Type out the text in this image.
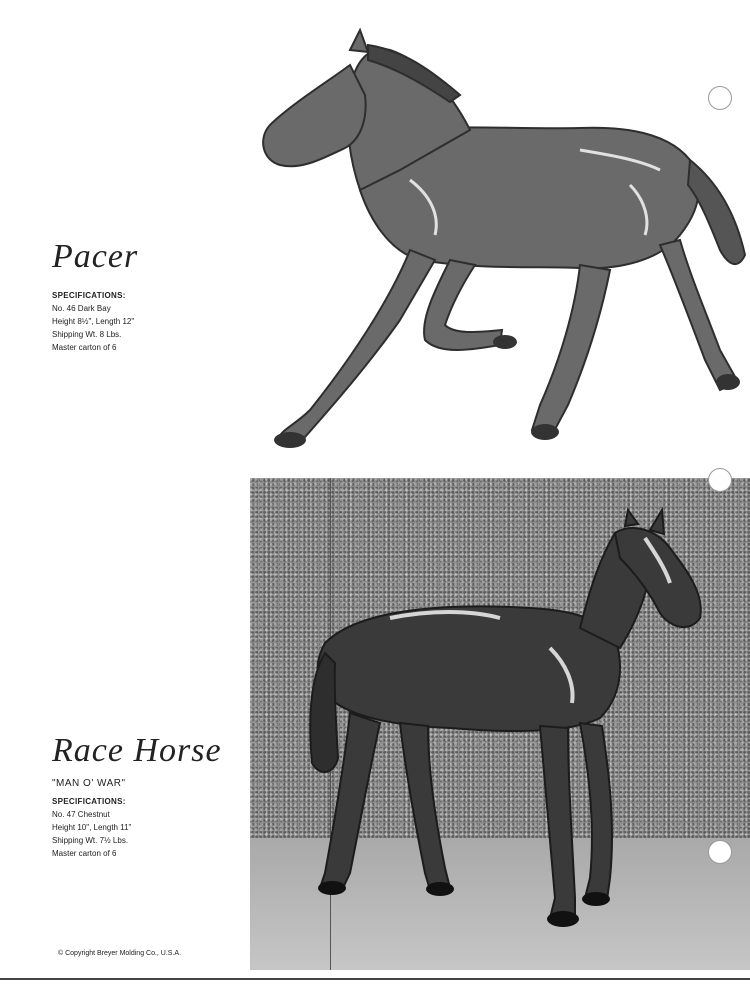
Pacer
SPECIFICATIONS:
No. 46 Dark Bay
Height 8½", Length 12"
Shipping Wt. 8 Lbs.
Master carton of 6
Race Horse
"MAN O' WAR"
SPECIFICATIONS:
No. 47 Chestnut
Height 10", Length 11"
Shipping Wt. 7½ Lbs.
Master carton of 6
© Copyright Breyer Molding Co., U.S.A.
